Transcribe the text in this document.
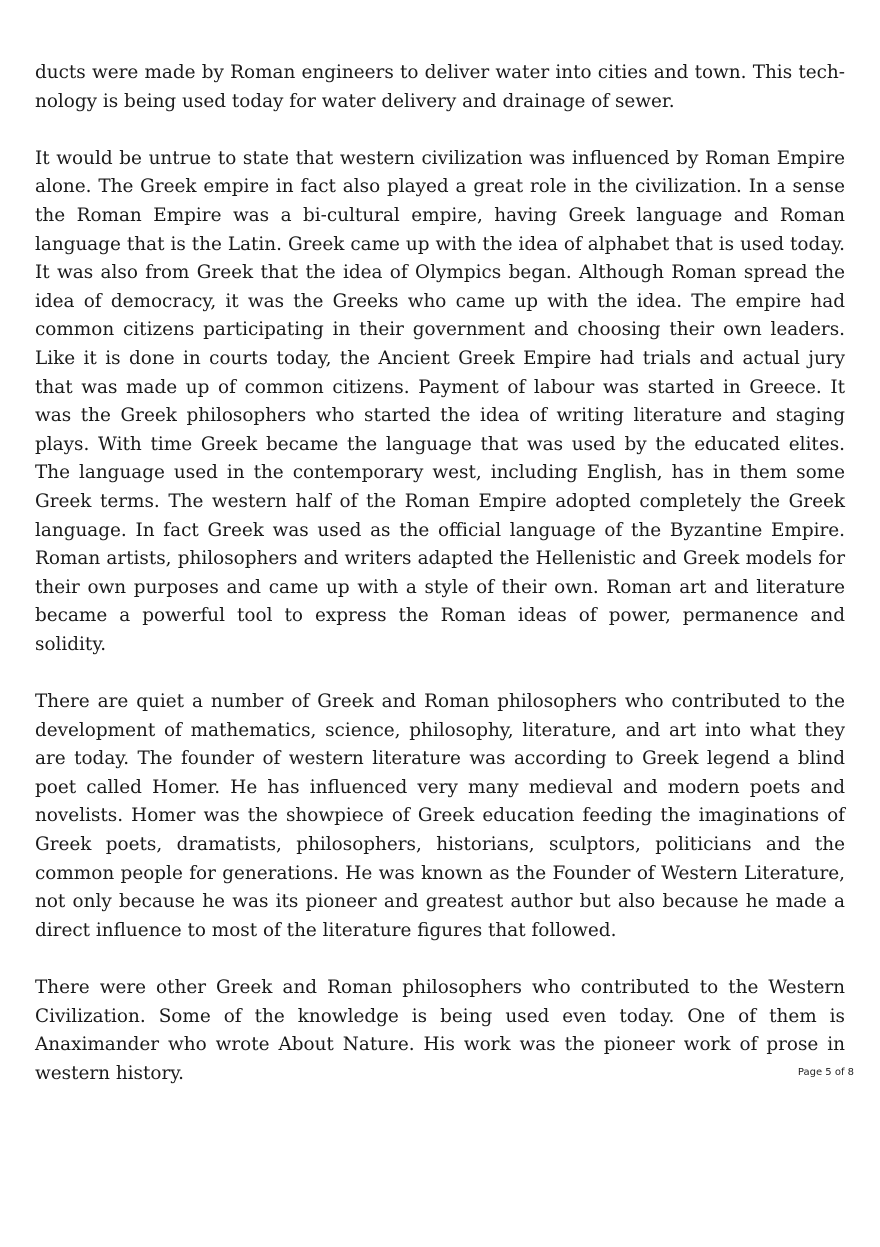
ducts were made by Roman engineers to deliver water into cities and town. This technology is being used today for water delivery and drainage of sewer.

It would be untrue to state that western civilization was influenced by Roman Empire alone. The Greek empire in fact also played a great role in the civilization. In a sense the Roman Empire was a bi-cultural empire, having Greek language and Roman language that is the Latin. Greek came up with the idea of alphabet that is used today. It was also from Greek that the idea of Olympics began. Although Roman spread the idea of democracy, it was the Greeks who came up with the idea. The empire had common citizens participating in their government and choosing their own leaders. Like it is done in courts today, the Ancient Greek Empire had trials and actual jury that was made up of common citizens. Payment of labour was started in Greece. It was the Greek philosophers who started the idea of writing literature and staging plays. With time Greek became the language that was used by the educated elites. The language used in the contemporary west, including English, has in them some Greek terms. The western half of the Roman Empire adopted completely the Greek language. In fact Greek was used as the official language of the Byzantine Empire. Roman artists, philosophers and writers adapted the Hellenistic and Greek models for their own purposes and came up with a style of their own. Roman art and literature became a powerful tool to express the Roman ideas of power, permanence and solidity.

There are quiet a number of Greek and Roman philosophers who contributed to the development of mathematics, science, philosophy, literature, and art into what they are today. The founder of western literature was according to Greek legend a blind poet called Homer. He has influenced very many medieval and modern poets and novelists. Homer was the showpiece of Greek education feeding the imaginations of Greek poets, dramatists, philosophers, historians, sculptors, politicians and the common people for generations. He was known as the Founder of Western Literature, not only because he was its pioneer and greatest author but also because he made a direct influence to most of the literature figures that followed.

There were other Greek and Roman philosophers who contributed to the Western Civilization. Some of the knowledge is being used even today. One of them is Anaximander who wrote About Nature. His work was the pioneer work of prose in western history.	Page 5 of 8
